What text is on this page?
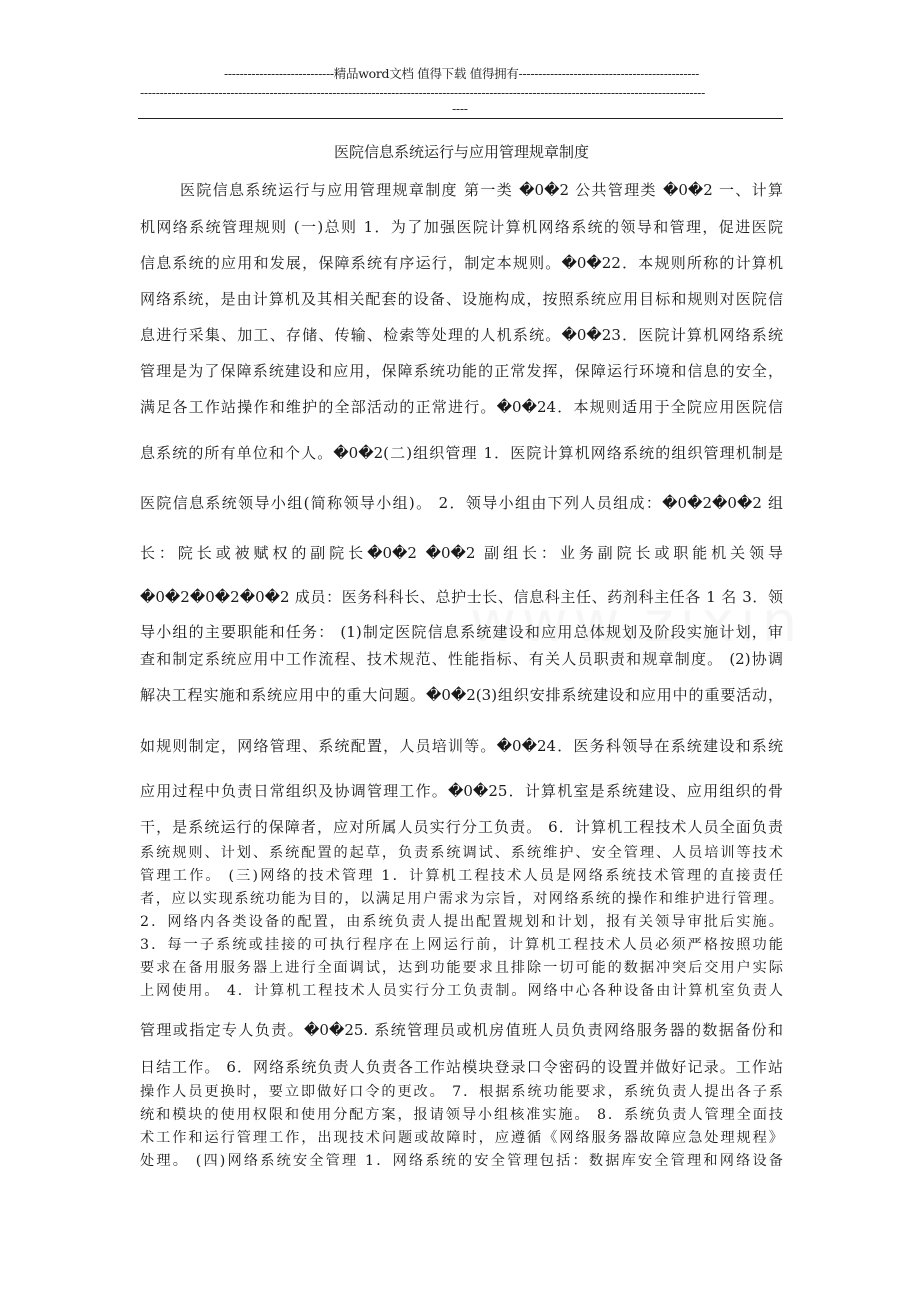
----------------------------精品word文档 值得下载 值得拥有----------------------------------------------
------------------------------------------------------------------------------------------------------------------------------------------------
----
医院信息系统运行与应用管理规章制度
医院信息系统运行与应用管理规章制度 第一类 �0�2 公共管理类 �0�2 一、计算
机网络系统管理规则 (一)总则 1．为了加强医院计算机网络系统的领导和管理，促进医院
信息系统的应用和发展，保障系统有序运行，制定本规则。�0�22．本规则所称的计算机
网络系统，是由计算机及其相关配套的设备、设施构成，按照系统应用目标和规则对医院信
息进行采集、加工、存储、传输、检索等处理的人机系统。�0�23．医院计算机网络系统
管理是为了保障系统建设和应用，保障系统功能的正常发挥，保障运行环境和信息的安全，
满足各工作站操作和维护的全部活动的正常进行。�0�24．本规则适用于全院应用医院信
息系统的所有单位和个人。�0�2(二)组织管理 1．医院计算机网络系统的组织管理机制是
医院信息系统领导小组(简称领导小组)。 2．领导小组由下列人员组成：�0�2�0�2 组
长：院长或被赋权的副院长�0�2 �0�2 副组长：业务副院长或职能机关领导
�0�2�0�2�0�2 成员：医务科科长、总护士长、信息科主任、药剂科主任各 1 名 3．领
导小组的主要职能和任务： (1)制定医院信息系统建设和应用总体规划及阶段实施计划，审
查和制定系统应用中工作流程、技术规范、性能指标、有关人员职责和规章制度。 (2)协调
解决工程实施和系统应用中的重大问题。�0�2(3)组织安排系统建设和应用中的重要活动，
如规则制定，网络管理、系统配置，人员培训等。�0�24．医务科领导在系统建设和系统
应用过程中负责日常组织及协调管理工作。�0�25．计算机室是系统建设、应用组织的骨
干，是系统运行的保障者，应对所属人员实行分工负责。 6．计算机工程技术人员全面负责
系统规则、计划、系统配置的起草，负责系统调试、系统维护、安全管理、人员培训等技术
管理工作。 (三)网络的技术管理 1．计算机工程技术人员是网络系统技术管理的直接责任
者，应以实现系统功能为目的，以满足用户需求为宗旨，对网络系统的操作和维护进行管理。
2．网络内各类设备的配置，由系统负责人提出配置规划和计划，报有关领导审批后实施。
3．每一子系统或挂接的可执行程序在上网运行前，计算机工程技术人员必须严格按照功能
要求在备用服务器上进行全面调试，达到功能要求且排除一切可能的数据冲突后交用户实际
上网使用。 4．计算机工程技术人员实行分工负责制。网络中心各种设备由计算机室负责人
管理或指定专人负责。�0�25. 系统管理员或机房值班人员负责网络服务器的数据备份和
日结工作。 6．网络系统负责人负责各工作站模块登录口令密码的设置并做好记录。工作站
操作人员更换时，要立即做好口令的更改。 7．根据系统功能要求，系统负责人提出各子系
统和模块的使用权限和使用分配方案，报请领导小组核准实施。 8．系统负责人管理全面技
术工作和运行管理工作，出现技术问题或故障时，应遵循《网络服务器故障应急处理规程》
处理。 (四)网络系统安全管理 1．网络系统的安全管理包括：数据库安全管理和网络设备
